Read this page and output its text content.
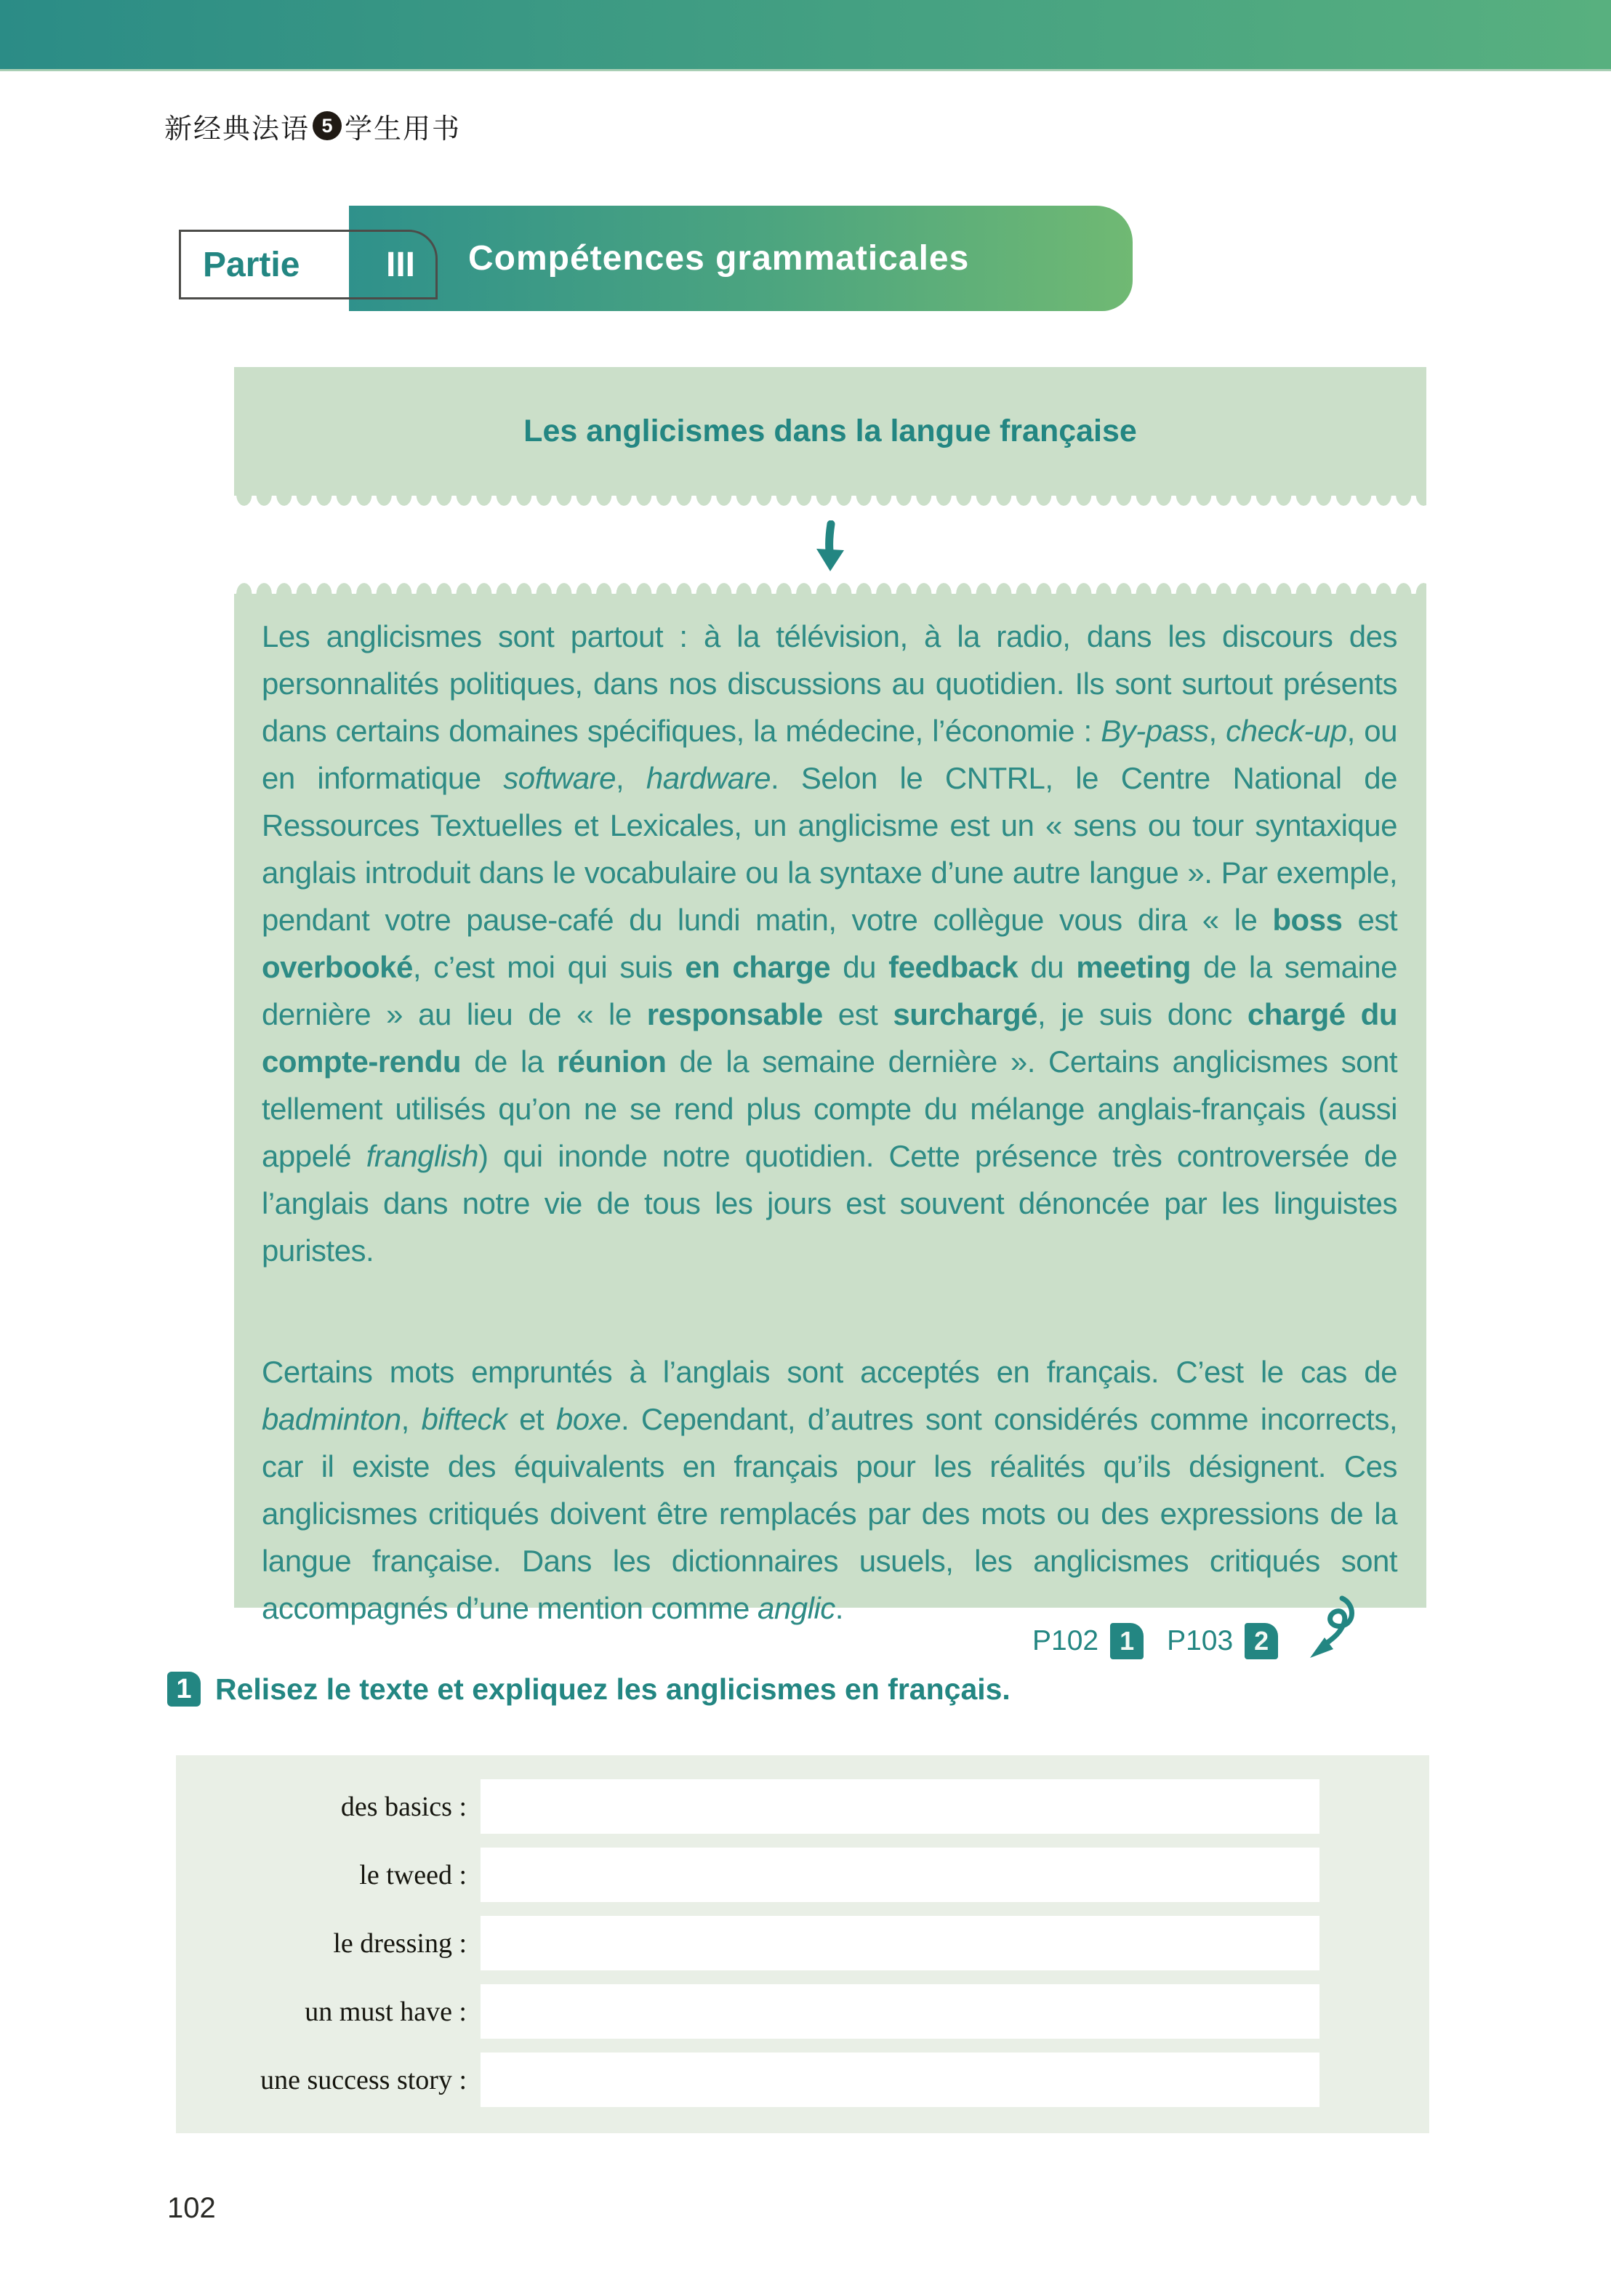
新经典法语 5 学生用书
Compétences grammaticales
Partie III
Les anglicismes dans la langue française

Les anglicismes sont partout : à la télévision, à la radio, dans les discours des personnalités politiques, dans nos discussions au quotidien. Ils sont surtout présents dans certains domaines spécifiques, la médecine, l’économie : By-pass, check-up, ou en informatique software, hardware. Selon le CNTRL, le Centre National de Ressources Textuelles et Lexicales, un anglicisme est un « sens ou tour syntaxique anglais introduit dans le vocabulaire ou la syntaxe d’une autre langue ». Par exemple, pendant votre pause-café du lundi matin, votre collègue vous dira « le boss est overbooké, c’est moi qui suis en charge du feedback du meeting de la semaine dernière » au lieu de « le responsable est surchargé, je suis donc chargé du compte-rendu de la réunion de la semaine dernière ». Certains anglicismes sont tellement utilisés qu’on ne se rend plus compte du mélange anglais-français (aussi appelé franglish) qui inonde notre quotidien. Cette présence très controversée de l’anglais dans notre vie de tous les jours est souvent dénoncée par les linguistes puristes.

Certains mots empruntés à l’anglais sont acceptés en français. C’est le cas de badminton, bifteck et boxe. Cependant, d’autres sont considérés comme incorrects, car il existe des équivalents en français pour les réalités qu’ils désignent. Ces anglicismes critiqués doivent être remplacés par des mots ou des expressions de la langue française. Dans les dictionnaires usuels, les anglicismes critiqués sont accompagnés d’une mention comme anglic.

P102 1	P103 2
1 Relisez le texte et expliquez les anglicismes en français.
des basics :
le tweed :
le dressing :
un must have :
une success story :
102
